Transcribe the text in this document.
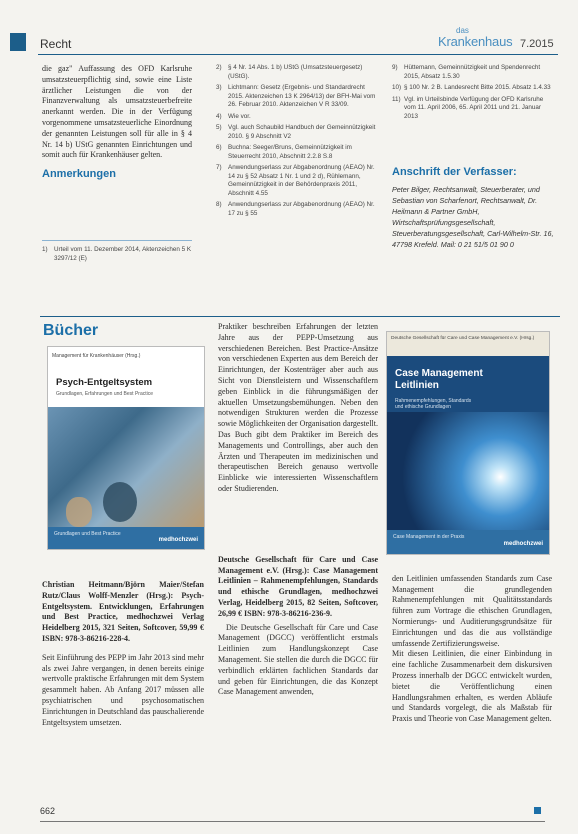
Recht
das
Krankenhaus 7.2015

die gaz" Auffassung des OFD Karlsruhe umsatzsteuerpflichtig sind, sowie eine Liste ärztlicher Leistungen die von der Finanzverwaltung als umsatzsteuerbefreite anerkannt werden. Die in der Verfügung vorgenommene umsatzsteuerliche Einordnung der genannten Leistungen soll für alle in § 4 Nr. 14 b) UStG genannten Einrichtungen und somit auch für Krankenhäuser gelten.

Anmerkungen
1)	Urteil vom 11. Dezember 2014, Aktenzeichen 5 K 3297/12 (E)
2)	§ 4 Nr. 14 Abs. 1 b) UStG (Umsatzsteuergesetz) (UStG).
3)	Lichtmann: Gesetz (Ergebnis- und Standardrecht 2015. Aktenzeichen 13 K 2964/13) der BFH-Mai vom 26. Februar 2010. Aktenzeichen V R 33/09.
4)	Wie vor.
5)	Vgl. auch Schaubild Handbuch der Gemeinnützigkeit 2010. § 9 Abschnitt V2
6)	Buchna: Seeger/Bruns, Gemeinnützigkeit im Steuerrecht 2010, Abschnitt 2.2.8 S.8
7)	Anwendungserlass zur Abgabenordnung (AEAO) Nr. 14 zu § 52 Absatz 1 Nr. 1 und 2 d), Rühlemann, Gemeinnützigkeit in der Behördenpraxis 2011, Abschnitt 4.55
8)	Anwendungserlass zur Abgabenordnung (AEAO) Nr. 17 zu § 55
9)	Hüttemann, Gemeinnützigkeit und Spendenrecht 2015, Absatz 1.5.30
10) § 100 Nr. 2 B. Landesrecht Bitte 2015. Absatz 1.4.33
11) Vgl. im Urteilsbinde Verfügung der OFD Karlsruhe vom 11. April 2006, 65. April 2011 und 21. Januar 2013
Anschrift der Verfasser:
Peter Bilger, Rechtsanwalt, Steuerberater, und Sebastian von Scharfenort, Rechtsanwalt, Dr. Heilmann & Partner GmbH, Wirtschaftsprüfungsgesellschaft, Steuerberatungsgesellschaft, Carl-Wilhelm-Str. 16, 47798 Krefeld. Mail: 0 21 51/5 01 90 0
Bücher
Management für Krankenhäuser (Hrsg.)
Psych-Entgeltsystem
Grundlagen, Erfahrungen und Best Practice
Grundlagen und Best Practice
medhochzwei
Deutsche Gesellschaft für Care und Case Management e.V. (Hrsg.)
Case Management
Leitlinien
Rahmenempfehlungen, Standards
und ethische Grundlagen
Case Management in der Praxis
medhochzwei

Christian Heitmann/Björn Maier/Stefan Rutz/Claus Wolff-Menzler (Hrsg.): Psych-Entgeltsystem. Entwicklungen, Erfahrungen und Best Practice, medhochzwei Verlag Heidelberg 2015, 321 Seiten, Softcover, 59,99 € ISBN: 978-3-86216-228-4.

Seit Einführung des PEPP im Jahr 2013 sind mehr als zwei Jahre vergangen, in denen bereits einige wertvolle praktische Erfahrungen mit dem System gesammelt haben. Ab Anfang 2017 müssen alle psychiatrischen und psychosomatischen Einrichtungen in Deutschland das pauschalierende Entgeltsystem umsetzen.

Praktiker beschreiben Erfahrungen der letzten Jahre aus der PEPP-Umsetzung aus verschiedenen Bereichen. Best Practice-Ansätze von verschiedenen Experten aus dem Bereich der Einrichtungen, der Kostenträger aber auch aus Sicht von Dienstleistern und Wissenschaftlern geben Einblick in die führungsmäßigen der aktuellen Umsetzungsbemühungen. Neben den notwendigen Strukturen werden die Prozesse sowie Möglichkeiten der Organisation dargestellt. Das Buch gibt dem Praktiker im Bereich des Managements und Controllings, aber auch den Ärzten und Therapeuten im medizinischen und therapeutischen Bereich genauso wertvolle Einblicke wie interessierten Wissenschaftlern oder Studierenden.

Deutsche Gesellschaft für Care und Case Management e.V. (Hrsg.): Case Management Leitlinien – Rahmenempfehlungen, Standards und ethische Grundlagen, medhochzwei Verlag, Heidelberg 2015, 82 Seiten, Softcover, 26,99 € ISBN: 978-3-86216-236-9.

Die Deutsche Gesellschaft für Care und Case Management (DGCC) veröffentlicht erstmals Leitlinien zum Handlungskonzept Case Management. Sie stellen die durch die DGCC für verbindlich erklärten fachlichen Standards dar und geben für Einrichtungen, die das Konzept Case Management anwenden,

den Leitlinien umfassenden Standards zum Case Management die grundlegenden Rahmenempfehlungen mit Qualitätsstandards führen zum Vortrage die ethischen Grundlagen, Normierungs- und Auditierungsgrundsätze für Einrichtungen und das die aus vollständige umfassende Zertifizierungsweise.
Mit diesen Leitlinien, die einer Einbindung in eine fachliche Zusammenarbeit dem diskursiven Prozess innerhalb der DGCC entwickelt wurden, bietet die Veröffentlichung einen Handlungsrahmen erhalten, es werden Abläufe und Standards vorgelegt, die als Maßstab für Praxis und Theorie von Case Management gelten.

662
